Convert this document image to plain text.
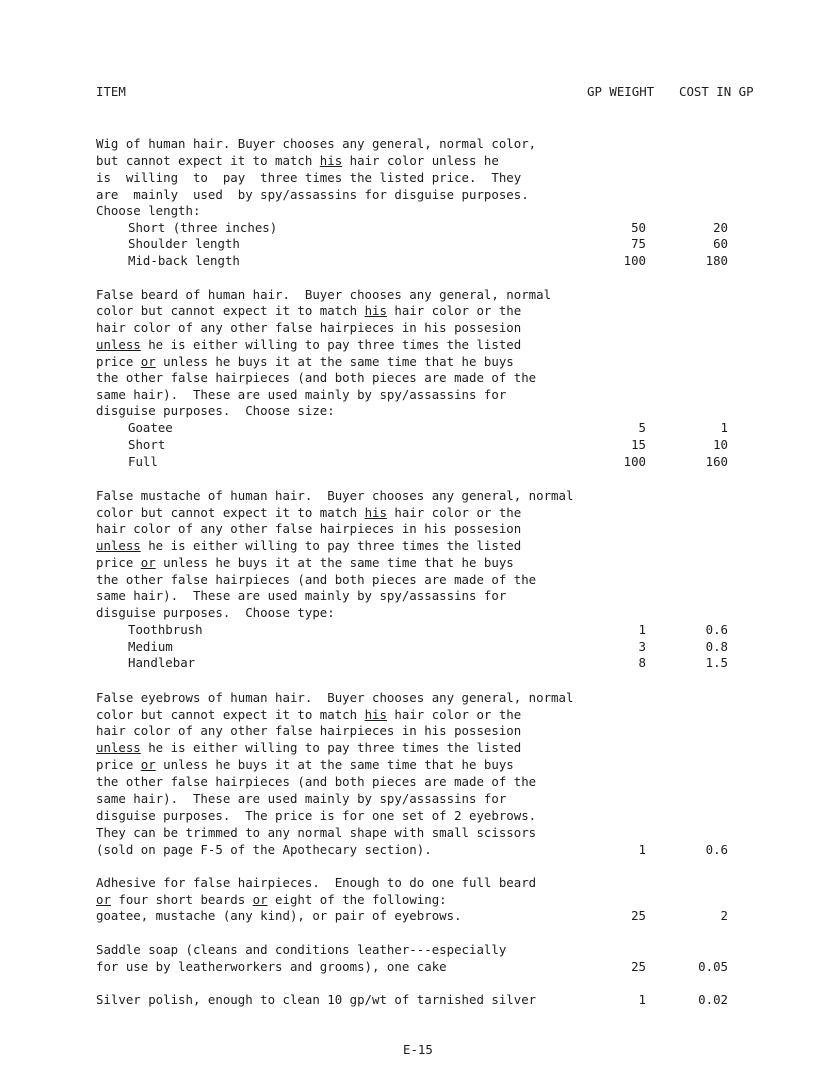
ITEM	GP WEIGHT COST IN GP
Wig of human hair. Buyer chooses any general, normal color,
but cannot expect it to match his hair color unless he
is  willing  to  pay  three times the listed price.  They
are  mainly  used  by spy/assassins for disguise purposes.
Choose length:
Short (three inches)	50	20
Shoulder length	75	60
Mid-back length	100	180
False beard of human hair.  Buyer chooses any general, normal
color but cannot expect it to match his hair color or the
hair color of any other false hairpieces in his possesion
unless he is either willing to pay three times the listed
price or unless he buys it at the same time that he buys
the other false hairpieces (and both pieces are made of the
same hair).  These are used mainly by spy/assassins for
disguise purposes.  Choose size:
Goatee	5	1
Short	15	10
Full	100	160
False mustache of human hair.  Buyer chooses any general, normal
color but cannot expect it to match his hair color or the
hair color of any other false hairpieces in his possesion
unless he is either willing to pay three times the listed
price or unless he buys it at the same time that he buys
the other false hairpieces (and both pieces are made of the
same hair).  These are used mainly by spy/assassins for
disguise purposes.  Choose type:
Toothbrush	1	0.6
Medium	3	0.8
Handlebar	8	1.5
False eyebrows of human hair.  Buyer chooses any general, normal
color but cannot expect it to match his hair color or the
hair color of any other false hairpieces in his possesion
unless he is either willing to pay three times the listed
price or unless he buys it at the same time that he buys
the other false hairpieces (and both pieces are made of the
same hair).  These are used mainly by spy/assassins for
disguise purposes.  The price is for one set of 2 eyebrows.
They can be trimmed to any normal shape with small scissors
(sold on page F-5 of the Apothecary section).	1	0.6
Adhesive for false hairpieces.  Enough to do one full beard
or four short beards or eight of the following:
goatee, mustache (any kind), or pair of eyebrows.	25	2
Saddle soap (cleans and conditions leather---especially
for use by leatherworkers and grooms), one cake	25	0.05
Silver polish, enough to clean 10 gp/wt of tarnished silver	1	0.02
E-15
